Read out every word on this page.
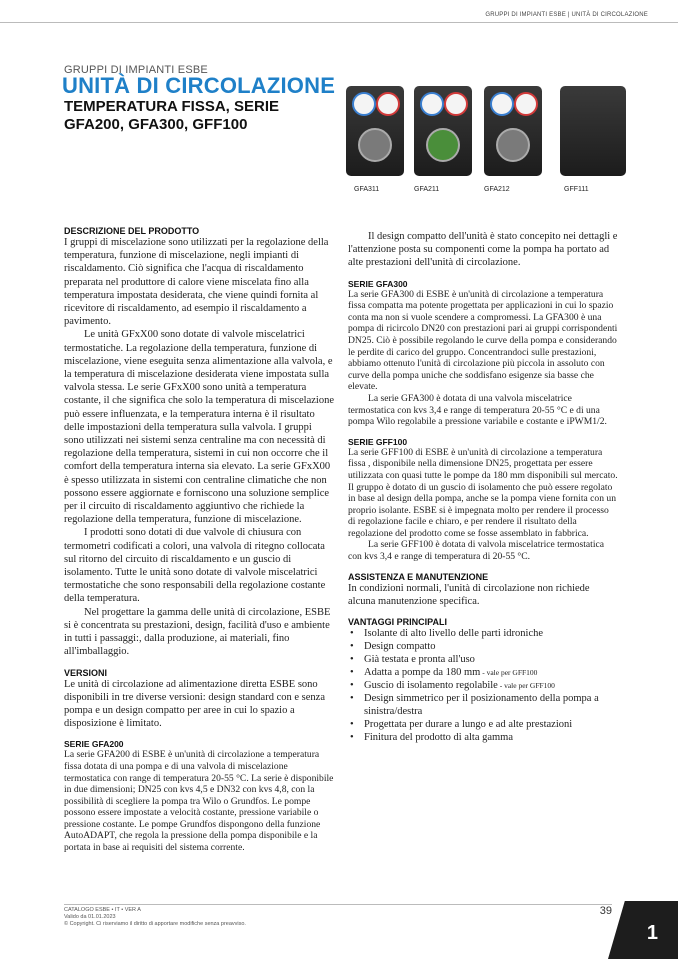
GRUPPI DI IMPIANTI ESBE | UNITÀ DI CIRCOLAZIONE
GRUPPI DI IMPIANTI ESBE
UNITÀ DI CIRCOLAZIONE
TEMPERATURA FISSA, SERIE GFA200, GFA300, GFF100
GFA311	GFA211	GFA212	GFF111
DESCRIZIONE DEL PRODOTTO

I gruppi di miscelazione sono utilizzati per la regolazione della temperatura, funzione di miscelazione, negli impianti di riscaldamento. Ciò significa che l'acqua di riscaldamento preparata nel produttore di calore viene miscelata fino alla temperatura impostata desiderata, che viene quindi fornita al ricevitore di riscaldamento, ad esempio il riscaldamento a pavimento.

Le unità GFxX00 sono dotate di valvole miscelatrici termostatiche. La regolazione della temperatura, funzione di miscelazione, viene eseguita senza alimentazione alla valvola, e la temperatura di miscelazione desiderata viene impostata sulla valvola stessa. Le serie GFxX00 sono unità a temperatura costante, il che significa che solo la temperatura di miscelazione può essere influenzata, e la temperatura interna è il risultato delle impostazioni della temperatura sulla valvola. I gruppi sono utilizzati nei sistemi senza centraline ma con necessità di regolazione della temperatura, sistemi in cui non occorre che il comfort della temperatura interna sia elevato. La serie GFxX00 è spesso utilizzata in sistemi con centraline climatiche che non possono essere aggiornate e forniscono una soluzione semplice per il circuito di riscaldamento aggiuntivo che richiede la regolazione della temperatura, funzione di miscelazione.

I prodotti sono dotati di due valvole di chiusura con termometri codificati a colori, una valvola di ritegno collocata sul ritorno del circuito di riscaldamento e un guscio di isolamento. Tutte le unità sono dotate di valvole miscelatrici termostatiche che sono responsabili della regolazione costante della temperatura.

Nel progettare la gamma delle unità di circolazione, ESBE si è concentrata su prestazioni, design, facilità d'uso e ambiente in tutti i passaggi:, dalla produzione, ai materiali, fino all'imballaggio.

VERSIONI

Le unità di circolazione ad alimentazione diretta ESBE sono disponibili in tre diverse versioni: design standard con e senza pompa e un design compatto per aree in cui lo spazio a disposizione è limitato.

SERIE GFA200

La serie GFA200 di ESBE è un'unità di circolazione a temperatura fissa dotata di una pompa e di una valvola di miscelazione termostatica con range di temperatura 20-55 °C. La serie è disponibile in due dimensioni; DN25 con kvs 4,5 e DN32 con kvs 4,8, con la possibilità di scegliere la pompa tra Wilo o Grundfos. Le pompe possono essere impostate a velocità costante, pressione variabile o pressione costante. Le pompe Grundfos dispongono della funzione AutoADAPT, che regola la pressione della pompa disponibile e la portata in base ai requisiti del sistema corrente.

Il design compatto dell'unità è stato concepito nei dettagli e l'attenzione posta su componenti come la pompa ha portato ad alte prestazioni dell'unità di circolazione.

SERIE GFA300

La serie GFA300 di ESBE è un'unità di circolazione a temperatura fissa compatta ma potente progettata per applicazioni in cui lo spazio conta ma non si vuole scendere a compromessi. La GFA300 è una pompa di ricircolo DN20 con prestazioni pari ai gruppi corrispondenti DN25. Ciò è possibile regolando le curve della pompa e considerando le perdite di carico del gruppo. Concentrandoci sulle prestazioni, abbiamo ottenuto l'unità di circolazione più piccola in assoluto con curve della pompa uniche che soddisfano esigenze sia basse che elevate.

La serie GFA300 è dotata di una valvola miscelatrice termostatica con kvs 3,4 e range di temperatura 20-55 °C e di una pompa Wilo regolabile a pressione variabile e costante e iPWM1/2.

SERIE GFF100

La serie GFF100 di ESBE è un'unità di circolazione a temperatura fissa , disponibile nella dimensione DN25, progettata per essere utilizzata con quasi tutte le pompe da 180 mm disponibili sul mercato. Il gruppo è dotato di un guscio di isolamento che può essere regolato in base al design della pompa, anche se la pompa viene fornita con un proprio isolante. ESBE si è impegnata molto per rendere il processo di regolazione facile e chiaro, e per rendere il risultato della regolazione del prodotto come se fosse assemblato in fabbrica.

La serie GFF100 è dotata di valvola miscelatrice termostatica con kvs 3,4 e range di temperatura di 20-55 °C.

ASSISTENZA E MANUTENZIONE

In condizioni normali, l'unità di circolazione non richiede alcuna manutenzione specifica.

VANTAGGI PRINCIPALI
• Isolante di alto livello delle parti idroniche
• Design compatto
• Già testata e pronta all'uso
• Adatta a pompe da 180 mm - vale per GFF100
• Guscio di isolamento regolabile - vale per GFF100
• Design simmetrico per il posizionamento della pompa a sinistra/destra
• Progettata per durare a lungo e ad alte prestazioni
• Finitura del prodotto di alta gamma
CATALOGO ESBE • IT • VER A
Valido da 01.01.2023
© Copyright. Ci riserviamo il diritto di apportare modifiche senza preavviso.
39
1
